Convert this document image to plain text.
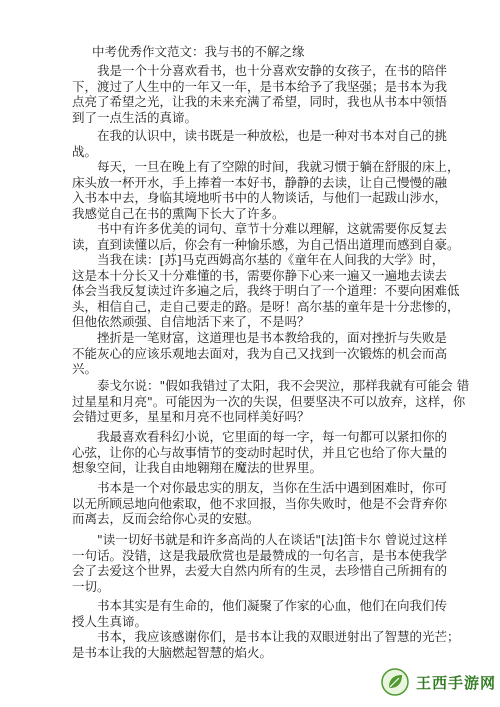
中考优秀作文范文：我与书的不解之缘
　　我是一个十分喜欢看书，也十分喜欢安静的女孩子，在书的陪伴
下，渡过了人生中的一年又一年，是书本给予了我坚强；是书本为我
点亮了希望之光，让我的未来充满了希望，同时，我也从书本中领悟
到了一点生活的真谛。
　　在我的认识中，读书既是一种放松，也是一种对书本对自己的挑
战。
　　每天，一旦在晚上有了空隙的时间，我就习惯于躺在舒服的床上，
床头放一杯开水，手上捧着一本好书，静静的去读，让自己慢慢的融
入书本中去，身临其境地听书中的人物谈话，与他们一起跋山涉水，
我感觉自己在书的熏陶下长大了许多。
　　书中有许多优美的词句、章节十分难以理解，这就需要你反复去
读，直到读懂以后，你会有一种愉乐感，为自己悟出道理而感到自豪。
　　当我在读：[苏]马克西姆高尔基的《童年在人间我的大学》时，
这是本十分长又十分难懂的书，需要你静下心来一遍又一遍地去读去
体会当我反复读过许多遍之后，我终于明白了一个道理：不要向困难低
头，相信自己，走自己要走的路。是呀！高尔基的童年是十分悲惨的，
但他依然顽强、自信地活下来了，不是吗？
　　挫折是一笔财富，这道理也是书本教给我的，面对挫折与失败是
不能灰心的应该乐观地去面对，我为自己又找到一次锻炼的机会而高
兴。
　　泰戈尔说："假如我错过了太阳，我不会哭泣，那样我就有可能会 错
过星星和月亮"。可能因为一次的失误，但要坚决不可以放弃，这样，你
会错过更多，星星和月亮不也同样美好吗？
　　我最喜欢看科幻小说，它里面的每一字，每一句都可以紧扣你的
心弦，让你的心与故事情节的变动时起时伏，并且它也给了你大量的
想象空间，让我自由地翱翔在魔法的世界里。
　　书本是一个对你最忠实的朋友，当你在生活中遇到困难时，你可
以无所顾忌地向他索取，他不求回报，当你失败时，他是不会背弃你
而离去，反而会给你心灵的安慰。
　　"读一切好书就是和许多高尚的人在谈话"[法]笛卡尔 曾说过这样
一句话。没错，这是我最欣赏也是最赞成的一句名言，是书本使我学
会了去爱这个世界，去爱大自然内所有的生灵，去珍惜自己所拥有的
一切。
　　书本其实是有生命的，他们凝聚了作家的心血，他们在向我们传
授人生真谛。
　　书本，我应该感谢你们，是书本让我的双眼迸射出了智慧的光芒；
是书本让我的大脑燃起智慧的焰火。
王西手游网
